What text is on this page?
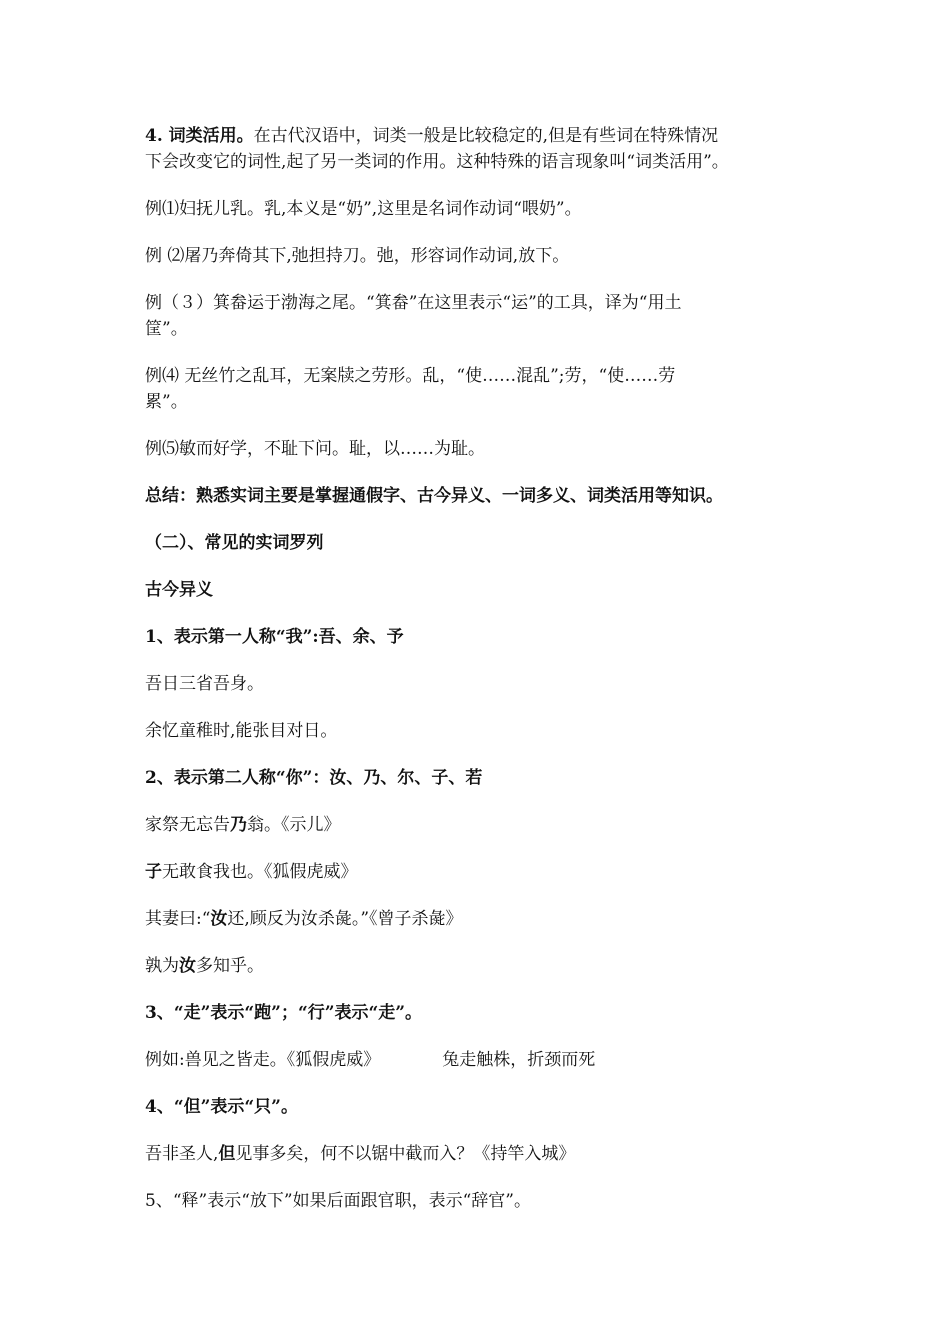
4. 词类活用。在古代汉语中，词类一般是比较稳定的,但是有些词在特殊情况

下会改变它的词性,起了另一类词的作用。这种特殊的语言现象叫“词类活用”。

例⑴妇抚儿乳。乳,本义是“奶”,这里是名词作动词“喂奶”。

例 ⑵屠乃奔倚其下,弛担持刀。弛，形容词作动词,放下。

例（３）箕畚运于渤海之尾。“箕畚”在这里表示“运”的工具，译为“用土

筐”。

例⑷ 无丝竹之乱耳，无案牍之劳形。乱，“使……混乱”;劳，“使……劳

累”。

例⑸敏而好学，不耻下问。耻，以……为耻。

总结：熟悉实词主要是掌握通假字、古今异义、一词多义、词类活用等知识。

（二）、常见的实词罗列

古今异义

1、表示第一人称“我”:吾、余、予

吾日三省吾身。

余忆童稚时,能张目对日。

2、表示第二人称“你”：汝、乃、尔、子、若

家祭无忘告乃翁。《示儿》

子无敢食我也。《狐假虎威》

其妻曰:“汝还,顾反为汝杀彘。”《曾子杀彘》

孰为汝多知乎。

3、“走”表示“跑”；“行”表示“走”。

例如:兽见之皆走。《狐假虎威》	兔走触株，折颈而死

4、“但”表示“只”。

吾非圣人,但见事多矣，何不以锯中截而入？《持竿入城》

5、“释”表示“放下”如果后面跟官职，表示“辞官”。
